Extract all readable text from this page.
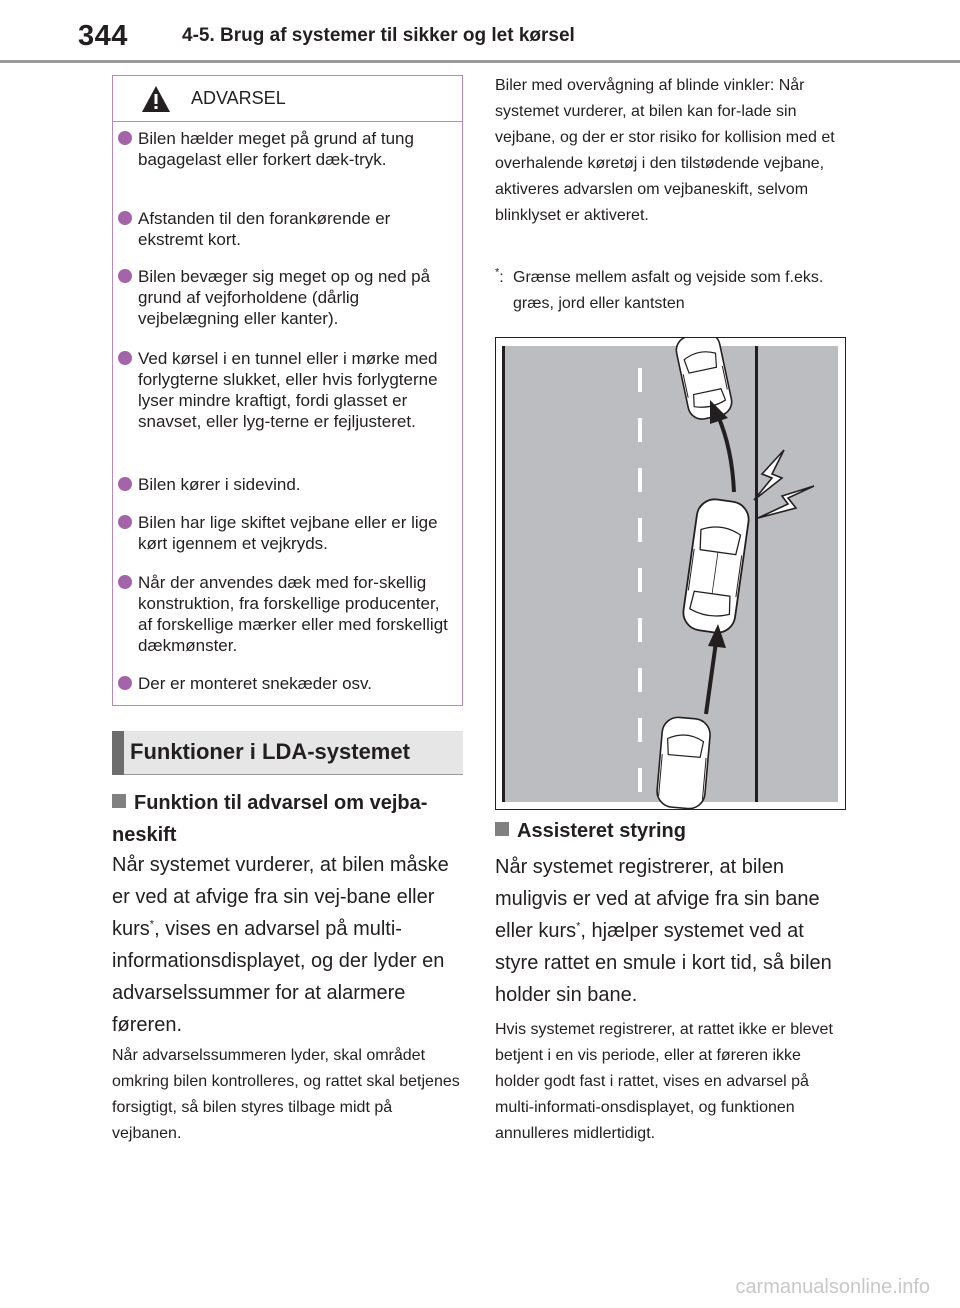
344	4-5. Brug af systemer til sikker og let kørsel
ADVARSEL
Bilen hælder meget på grund af tung bagagelast eller forkert dæk-tryk.
Afstanden til den forankørende er ekstremt kort.
Bilen bevæger sig meget op og ned på grund af vejforholdene (dårlig vejbelægning eller kanter).
Ved kørsel i en tunnel eller i mørke med forlygterne slukket, eller hvis forlygterne lyser mindre kraftigt, fordi glasset er snavset, eller lyg-terne er fejljusteret.
Bilen kører i sidevind.
Bilen har lige skiftet vejbane eller er lige kørt igennem et vejkryds.
Når der anvendes dæk med for-skellig konstruktion, fra forskellige producenter, af forskellige mærker eller med forskelligt dækmønster.
Der er monteret snekæder osv.
Funktioner i LDA-systemet
Funktion til advarsel om vejba-neskift
Når systemet vurderer, at bilen måske er ved at afvige fra sin vej-bane eller kurs*, vises en advarsel på multi-informationsdisplayet, og der lyder en advarselssummer for at alarmere føreren.
Når advarselssummeren lyder, skal området omkring bilen kontrolleres, og rattet skal betjenes forsigtigt, så bilen styres tilbage midt på vejbanen.
Biler med overvågning af blinde vinkler: Når systemet vurderer, at bilen kan for-lade sin vejbane, og der er stor risiko for kollision med et overhalende køretøj i den tilstødende vejbane, aktiveres advarslen om vejbaneskift, selvom blinklyset er aktiveret.
*: Grænse mellem asfalt og vejside som f.eks. græs, jord eller kantsten
Assisteret styring
Når systemet registrerer, at bilen muligvis er ved at afvige fra sin bane eller kurs*, hjælper systemet ved at styre rattet en smule i kort tid, så bilen holder sin bane.
Hvis systemet registrerer, at rattet ikke er blevet betjent i en vis periode, eller at føreren ikke holder godt fast i rattet, vises en advarsel på multi-informati-onsdisplayet, og funktionen annulleres midlertidigt.
carmanualsonline.info
